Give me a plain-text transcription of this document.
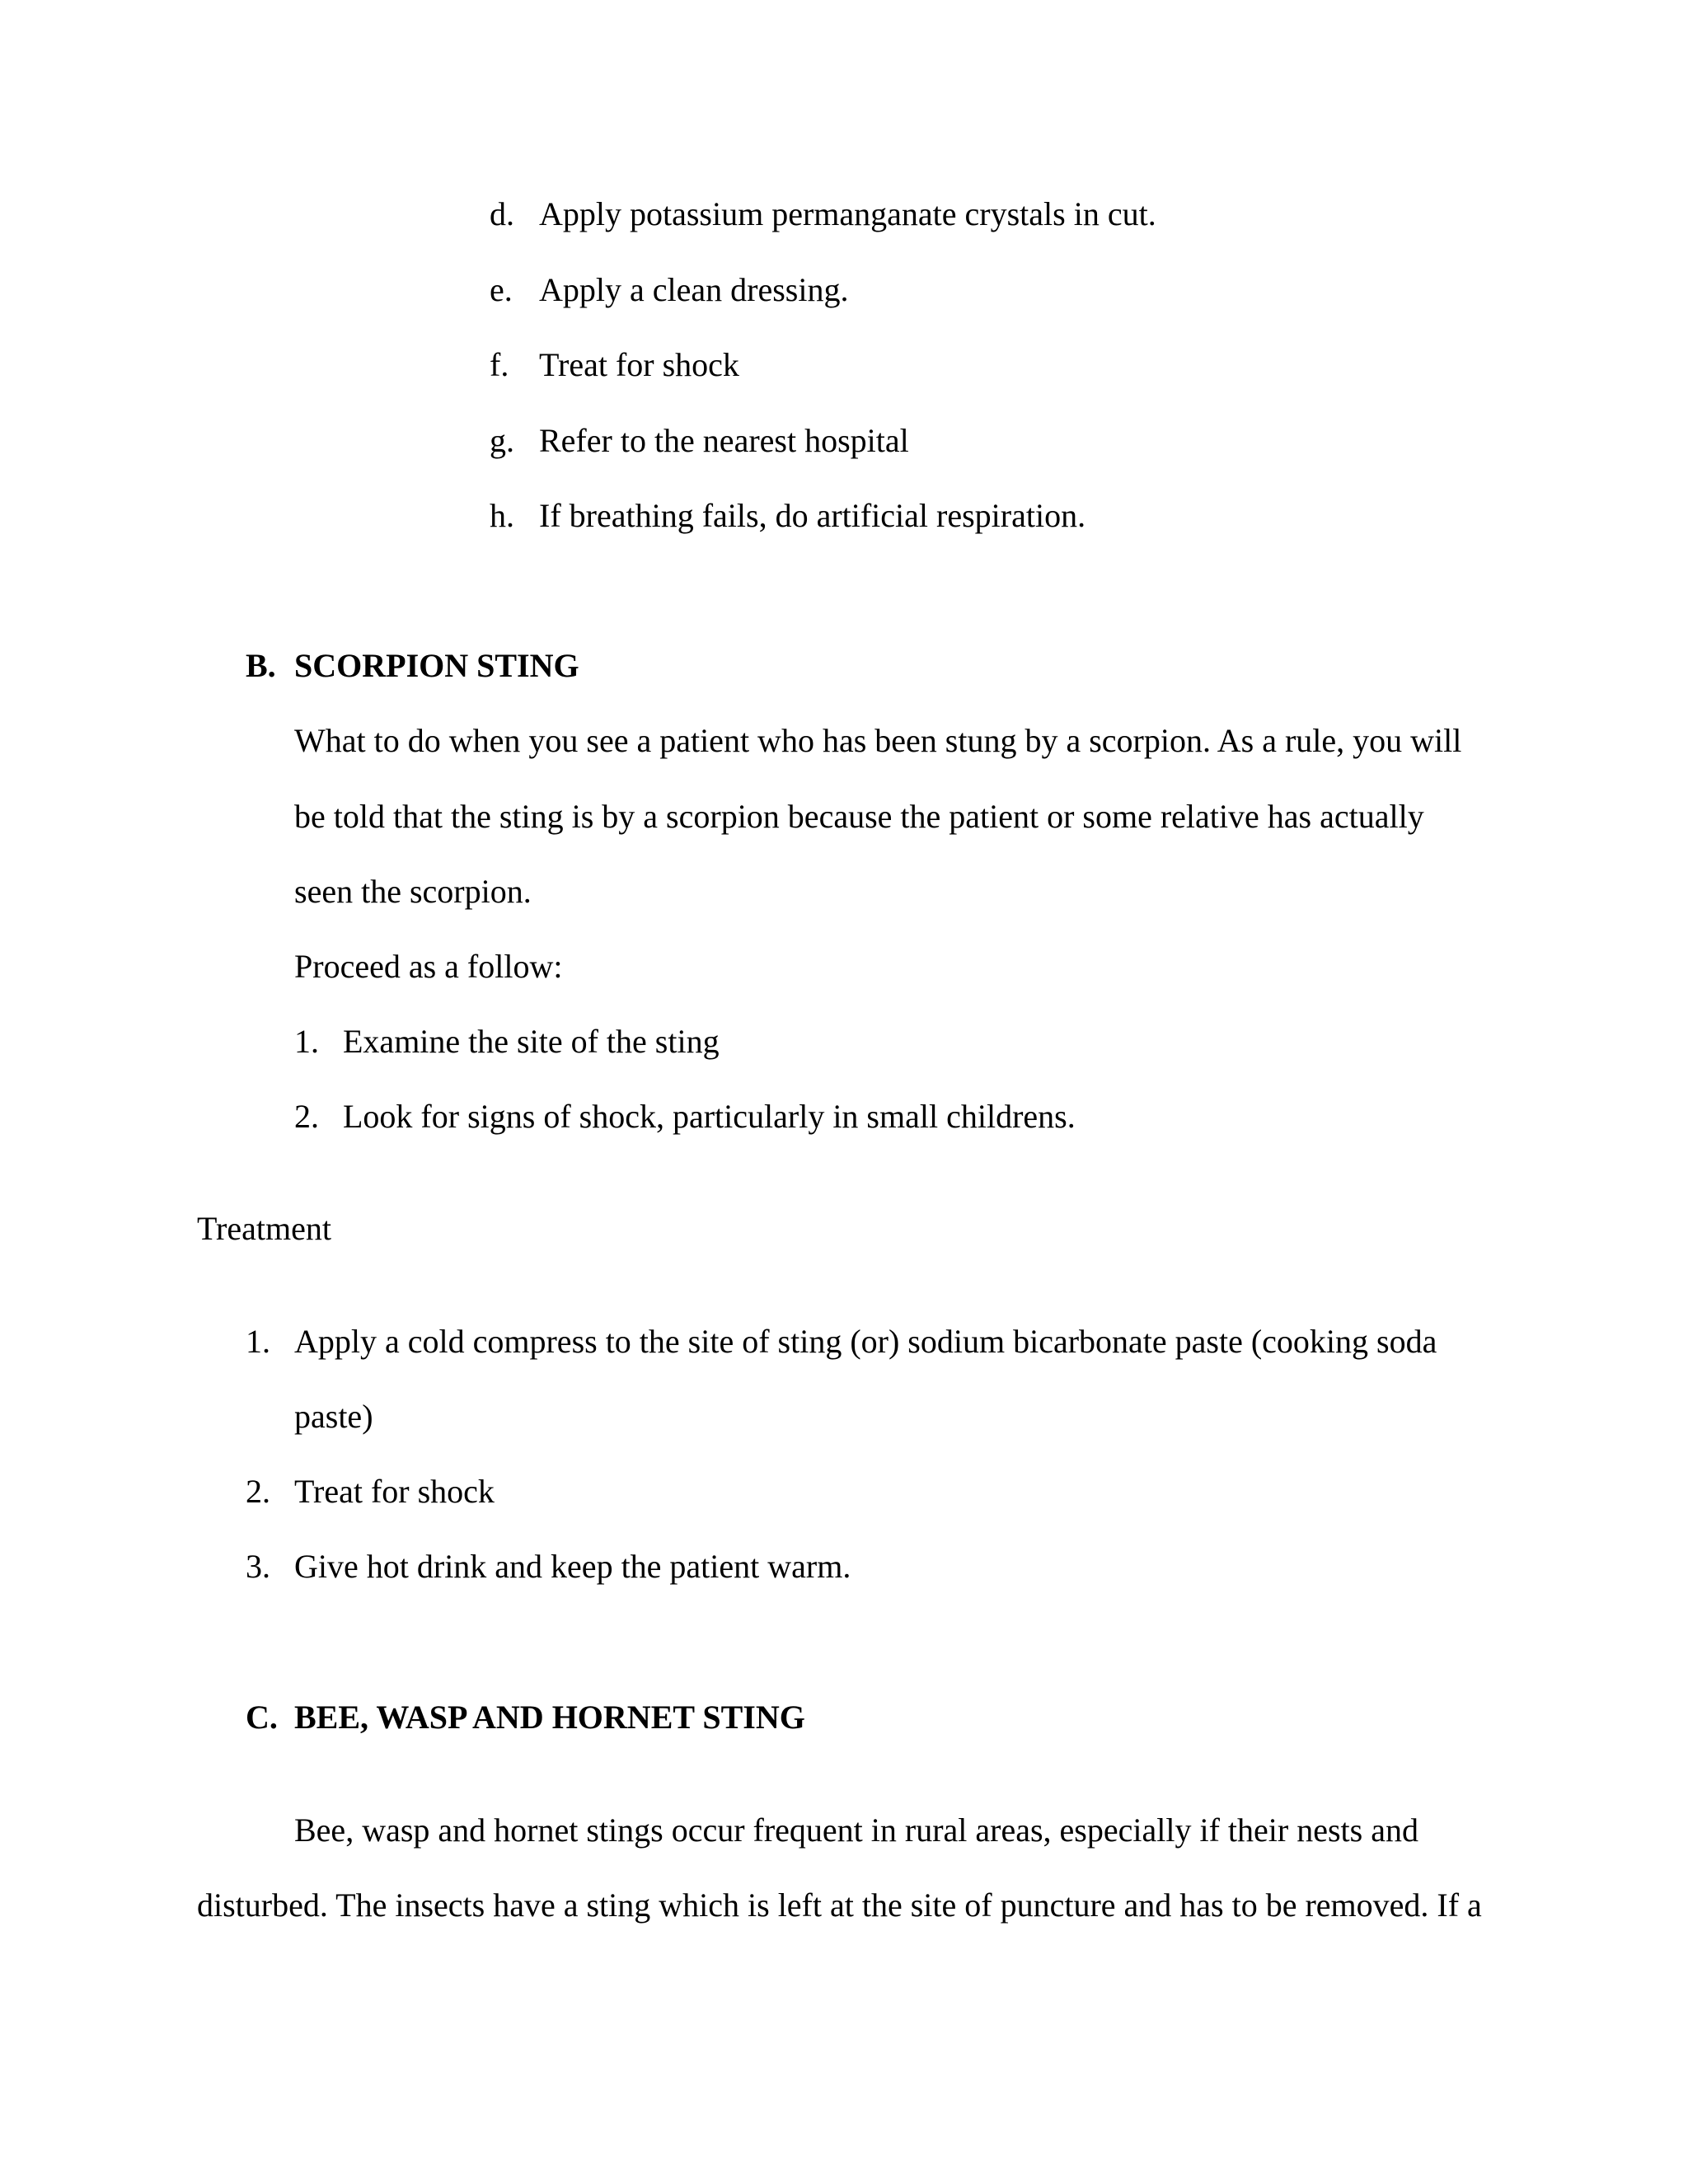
d. Apply potassium permanganate crystals in cut.
e. Apply a clean dressing.
f. Treat for shock
g. Refer to the nearest hospital
h. If breathing fails, do artificial respiration.
B. SCORPION STING
What to do when you see a patient who has been stung by a scorpion. As a rule, you will
be told that the sting is by a scorpion because the patient or some relative has actually
seen the scorpion.
Proceed as a follow:
1. Examine the site of the sting
2. Look for signs of shock, particularly in small childrens.
Treatment
1. Apply a cold compress to the site of sting (or) sodium bicarbonate paste (cooking soda
paste)
2. Treat for shock
3. Give hot drink and keep the patient warm.
C. BEE, WASP AND HORNET STING
Bee, wasp and hornet stings occur frequent in rural areas, especially if their nests and
disturbed. The insects have a sting which is left at the site of puncture and has to be removed. If a
